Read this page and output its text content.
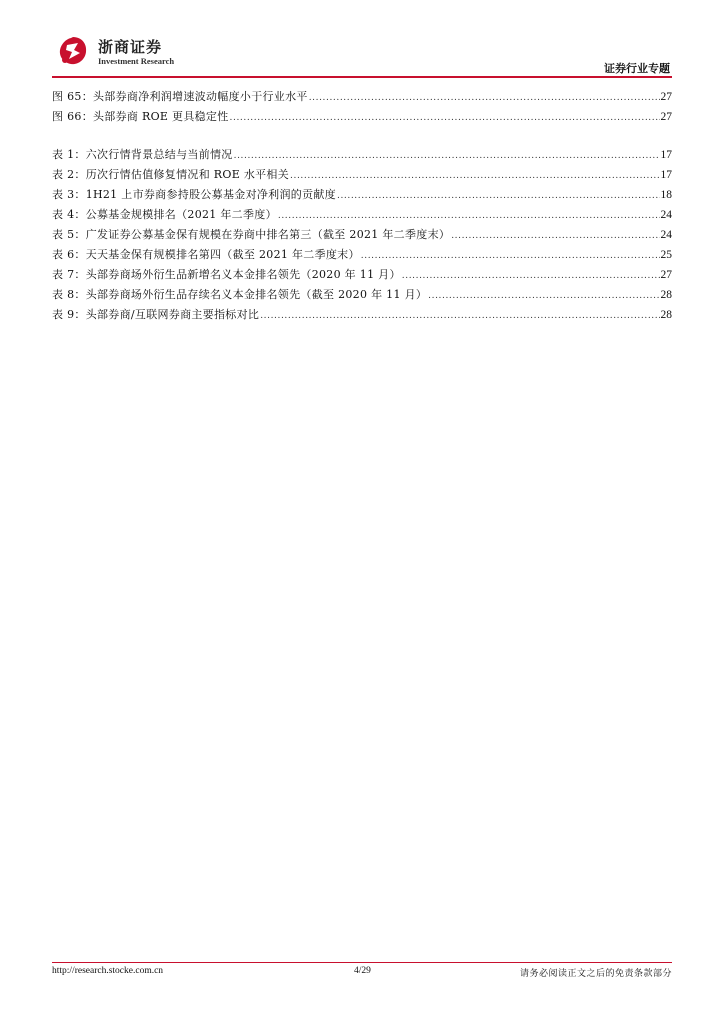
浙商证券
Investment Research
证券行业专题
图 65：头部券商净利润增速波动幅度小于行业水平 .....	27
图 66：头部券商 ROE 更具稳定性 .....	27
表 1：六次行情背景总结与当前情况 .....	17
表 2：历次行情估值修复情况和 ROE 水平相关 .....	17
表 3：1H21 上市券商参持股公募基金对净利润的贡献度 .....	18
表 4：公募基金规模排名（2021 年二季度） .....	24
表 5：广发证券公募基金保有规模在券商中排名第三（截至 2021 年二季度末） .....	24
表 6：天天基金保有规模排名第四（截至 2021 年二季度末） .....	25
表 7：头部券商场外衍生品新增名义本金排名领先（2020 年 11 月） .....	27
表 8：头部券商场外衍生品存续名义本金排名领先（截至 2020 年 11 月） .....	28
表 9：头部券商/互联网券商主要指标对比 .....	28
http://research.stocke.com.cn	4/29	请务必阅读正文之后的免责条款部分
